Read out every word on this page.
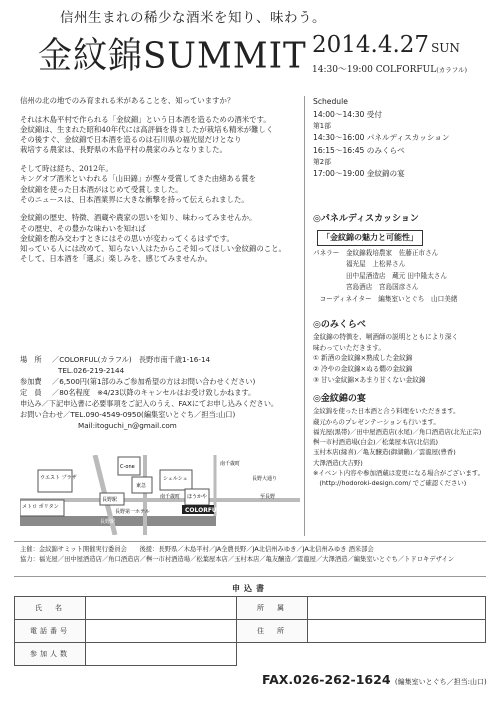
信州生まれの稀少な酒米を知り、味わう。
金紋錦SUMMIT 2014.4.27 SUN
14:30～19:00 COLFORFUL(カラフル)

信州の北の地でのみ育まれる米があることを、知っていますか？

それは木島平村で作られる「金紋錦」という日本酒を造るための酒米です。
金紋錦は、生まれた昭和40年代には高評価を得ましたが栽培も精米が難しく
その後すぐ、金紋錦で日本酒を造るのは石川県の福光屋だけとなり
栽培する農家は、長野県の木島平村の農家のみとなりました。

そして時は経ち、2012年。
キングオブ酒米といわれる「山田錦」が慳々受賞してきた由緒ある賞を
金紋錦を使った日本酒がはじめて受賞しました。
そのニュースは、日本酒業界に大きな衝撃を持って伝えられました。

金紋錦の歴史、特徴、酒蔵や農家の思いを知り、味わってみませんか。
その歴史、その豊かな味わいを知れば
金紋錦を酌み交わすときにはその思いが変わってくるはずです。
知っている人には改めて、知らない人はたからこそ知ってほしい金紋錦のこと。
そして、日本酒を「選ぶ」楽しみを、感じてみませんか。

Schedule
14:00～14:30 受付
第1部
14:30～16:00 パネルディスカッション
16:15～16:45 のみくらべ
第2部
17:00～19:00 金紋錦の宴
◎パネルディスカッション
「金紋錦の魅力と可能性」
パネラー　金紋錦栽培農家　佐藤正市さん
　　　　　福光屋　上松昇さん
　　　　　田中屋酒造店　蔵元 田中隆太さん
　　　　　宮島酒店　宮島国彦さん
　コーディネイター　編集室いとぐち　山口美緒
◎のみくらべ
金紋錦の特徴を、唎酒師の説明とともにより深く
味わっていただきます。
① 新酒の金紋錦×熟成した金紋錦
② 冷やの金紋錦×ぬる燗の金紋錦
③ 甘い金紋錦×あまり甘くない金紋錦
◎金紋錦の宴
金紋錦を使った日本酒と合う料理をいただきます。
蔵元からのプレゼンテーションも行います。
福光屋(黒帯)／田中屋酒造店(水尾)／角口酒造店(北光正宗)
桝一市村酒造場(白金)／松葉屋本店(北信流)
玉村本店(縁喜)／亀友醸造(御湖鶴)／雲龍屋(豊香)
大澤酒造(大吉野)
※イベント内容や参加酒蔵は変更になる場合がございます。
　(http://hodoroki-design.com/ でご確認ください)
場　所 ／COLORFUL(カラフル)　長野市南千歳1-16-14
TEL.026-219-2144
参加費 ／6,500円(第1部のみご参加希望の方はお問い合わせください)
定　員 ／80名程度　※4/23以降のキャンセルはお受け致しかねます。
申込み／下記申込書に必要事項をご記入のうえ、FAXにてお申し込みください。
お問い合わせ／TEL.090-4549-0950(編集室いとぐち／担当:山口)
Mail:itoguchi_n@gmail.com
ウエスト プラザ
C-one
東急
シェルシェ
長野駅	南千歳町
長野大通り
メトロ ポリタン
長野第一ホテル
至長野
ほうかや
南千歳町
長野駅
COLORFUL
主催：金紋錦サミット開催実行委員会　　後援：長野県／木島平村／JA全農長野／JA北信州みゆき／JA北信州みゆき 酒米部会
協力：福光屋／田中屋酒造店／角口酒造店／桝一市村酒造場／松葉屋本店／玉村本店／亀友醸造／雲龍屋／大澤酒造／編集室いとぐち／トドロキデザイン
申込書
氏　名		所　属	
電話番号		住　所	
参加人数			
FAX.026-262-1624 (編集室いとぐち／担当:山口)
